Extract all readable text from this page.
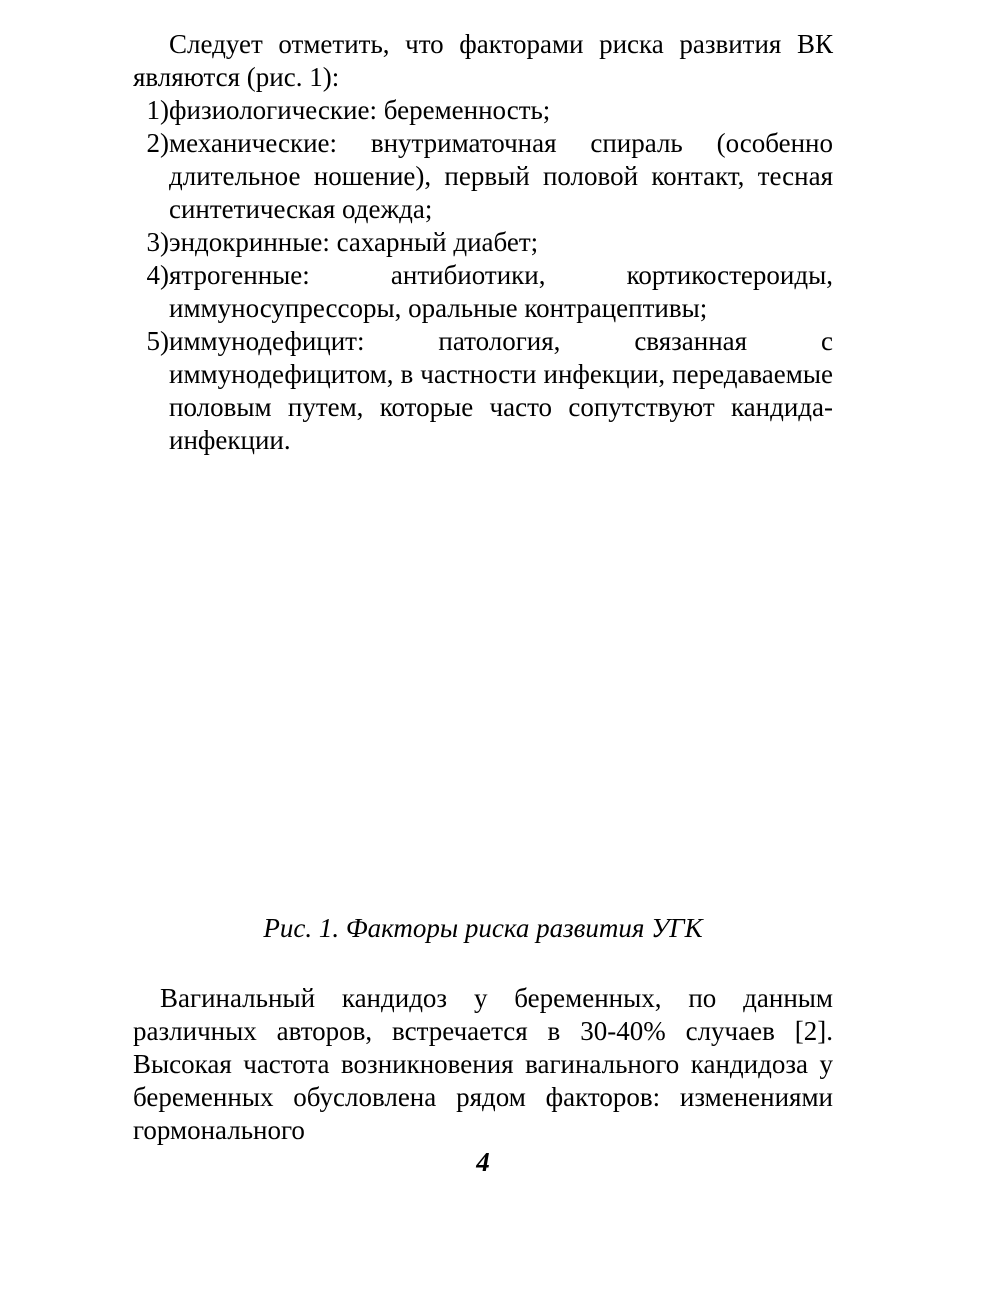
Следует отметить, что факторами риска развития ВК являются (рис. 1):

1) физиологические: беременность;
2) механические: внутриматочная спираль (особенно длительное ношение), первый половой контакт, тесная синтетическая одежда;
3) эндокринные: сахарный диабет;
4) ятрогенные: антибиотики, кортикостероиды, иммуносупрессоры, оральные контрацептивы;
5) иммунодефицит: патология, связанная с иммунодефицитом, в частности инфекции, передаваемые половым путем, которые часто сопутствуют кандида-инфекции.

Рис. 1. Факторы риска развития УГК

Вагинальный кандидоз у беременных, по данным различных авторов, встречается в 30-40% случаев [2]. Высокая частота возникновения вагинального кандидоза у беременных обусловлена рядом факторов: изменениями гормонального

4
